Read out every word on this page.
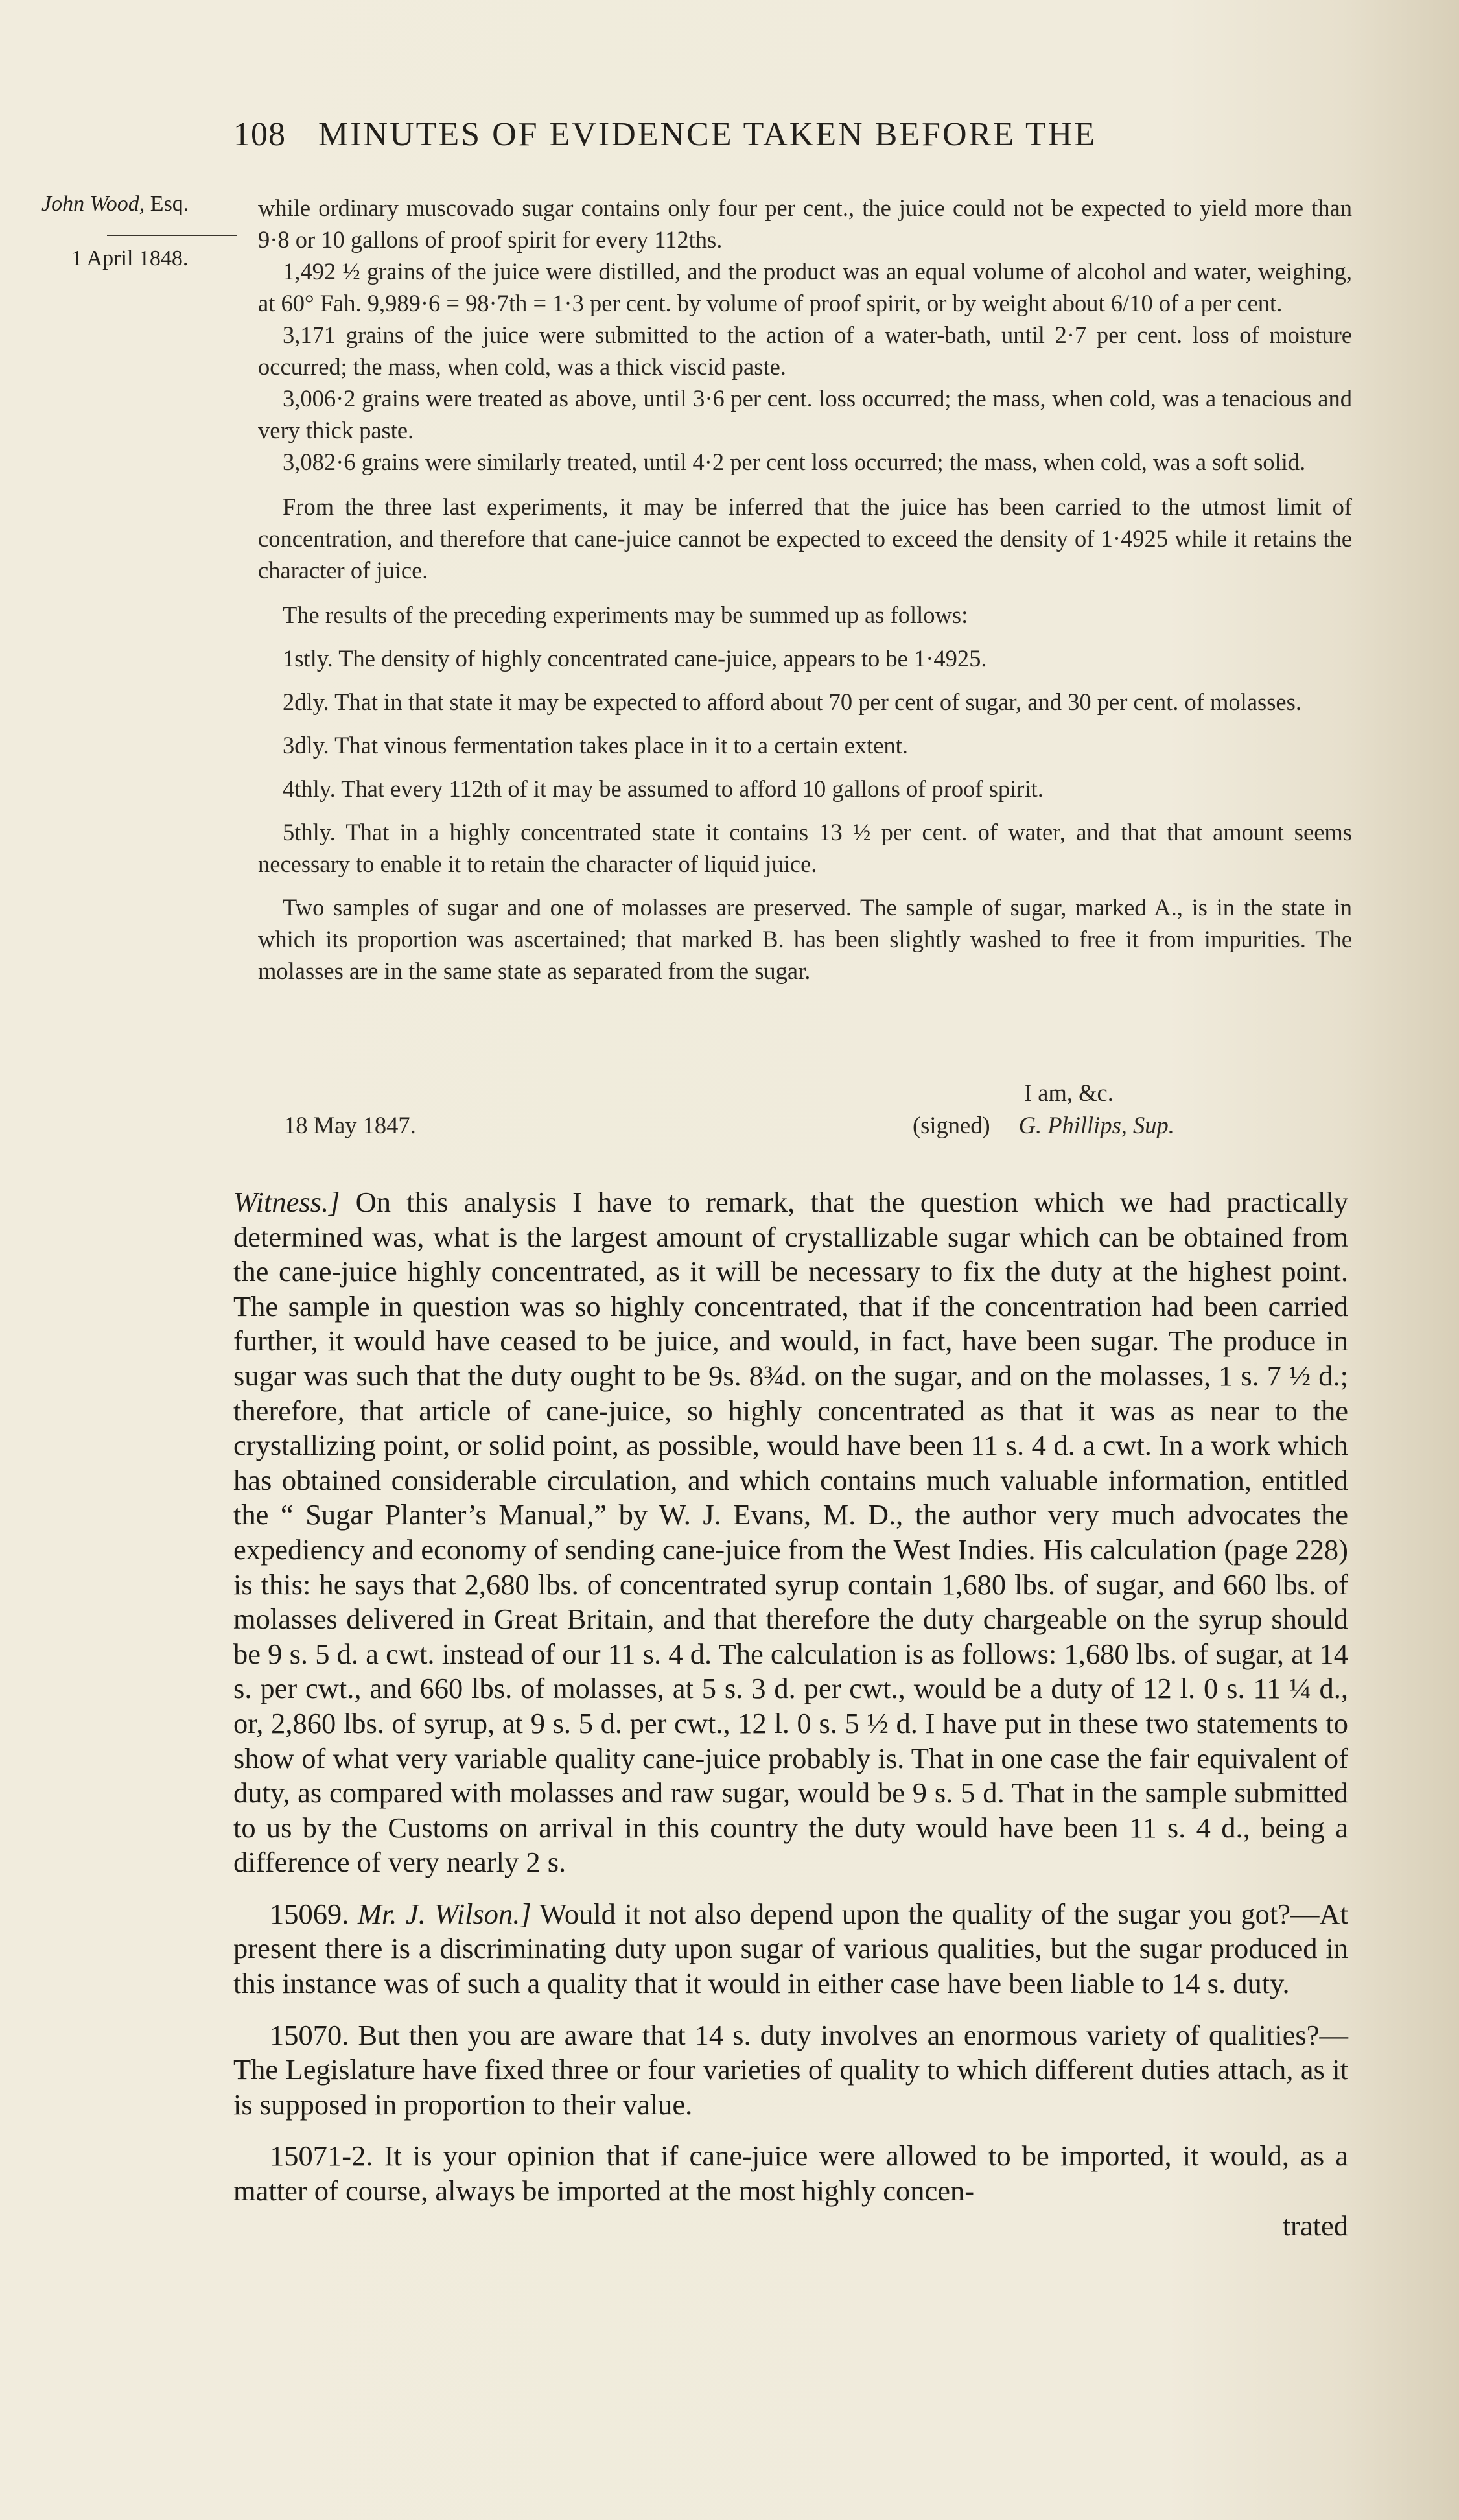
108 MINUTES OF EVIDENCE TAKEN BEFORE THE
John Wood, Esq.
1 April 1848.

while ordinary muscovado sugar contains only four per cent., the juice could not be expected to yield more than 9·8 or 10 gallons of proof spirit for every 112ths.

1,492 ½ grains of the juice were distilled, and the product was an equal volume of alcohol and water, weighing, at 60° Fah. 9,989·6 = 98·7th = 1·3 per cent. by volume of proof spirit, or by weight about 6/10 of a per cent.

3,171 grains of the juice were submitted to the action of a water-bath, until 2·7 per cent. loss of moisture occurred; the mass, when cold, was a thick viscid paste.

3,006·2 grains were treated as above, until 3·6 per cent. loss occurred; the mass, when cold, was a tenacious and very thick paste.

3,082·6 grains were similarly treated, until 4·2 per cent loss occurred; the mass, when cold, was a soft solid.

From the three last experiments, it may be inferred that the juice has been carried to the utmost limit of concentration, and therefore that cane-juice cannot be expected to exceed the density of 1·4925 while it retains the character of juice.

The results of the preceding experiments may be summed up as follows:

1stly. The density of highly concentrated cane-juice, appears to be 1·4925.

2dly. That in that state it may be expected to afford about 70 per cent of sugar, and 30 per cent. of molasses.

3dly. That vinous fermentation takes place in it to a certain extent.

4thly. That every 112th of it may be assumed to afford 10 gallons of proof spirit.

5thly. That in a highly concentrated state it contains 13 ½ per cent. of water, and that that amount seems necessary to enable it to retain the character of liquid juice.

Two samples of sugar and one of molasses are preserved. The sample of sugar, marked A., is in the state in which its proportion was ascertained; that marked B. has been slightly washed to free it from impurities. The molasses are in the same state as separated from the sugar.

I am, &c.
18 May 1847.	(signed) G. Phillips, Sup.

Witness.] On this analysis I have to remark, that the question which we had practically determined was, what is the largest amount of crystallizable sugar which can be obtained from the cane-juice highly concentrated, as it will be necessary to fix the duty at the highest point. The sample in question was so highly concentrated, that if the concentration had been carried further, it would have ceased to be juice, and would, in fact, have been sugar. The produce in sugar was such that the duty ought to be 9s. 8¾d. on the sugar, and on the molasses, 1 s. 7 ½ d.; therefore, that article of cane-juice, so highly concentrated as that it was as near to the crystallizing point, or solid point, as possible, would have been 11 s. 4 d. a cwt. In a work which has obtained considerable circulation, and which contains much valuable information, entitled the “ Sugar Planter’s Manual,” by W. J. Evans, M. D., the author very much advocates the expediency and economy of sending cane-juice from the West Indies. His calculation (page 228) is this: he says that 2,680 lbs. of concentrated syrup contain 1,680 lbs. of sugar, and 660 lbs. of molasses delivered in Great Britain, and that therefore the duty chargeable on the syrup should be 9 s. 5 d. a cwt. instead of our 11 s. 4 d. The calculation is as follows: 1,680 lbs. of sugar, at 14 s. per cwt., and 660 lbs. of molasses, at 5 s. 3 d. per cwt., would be a duty of 12 l. 0 s. 11 ¼ d., or, 2,860 lbs. of syrup, at 9 s. 5 d. per cwt., 12 l. 0 s. 5 ½ d. I have put in these two statements to show of what very variable quality cane-juice probably is. That in one case the fair equivalent of duty, as compared with molasses and raw sugar, would be 9 s. 5 d. That in the sample submitted to us by the Customs on arrival in this country the duty would have been 11 s. 4 d., being a difference of very nearly 2 s.

15069. Mr. J. Wilson.] Would it not also depend upon the quality of the sugar you got?—At present there is a discriminating duty upon sugar of various qualities, but the sugar produced in this instance was of such a quality that it would in either case have been liable to 14 s. duty.

15070. But then you are aware that 14 s. duty involves an enormous variety of qualities?—The Legislature have fixed three or four varieties of quality to which different duties attach, as it is supposed in proportion to their value.

15071-2. It is your opinion that if cane-juice were allowed to be imported, it would, as a matter of course, always be imported at the most highly concen-

trated
